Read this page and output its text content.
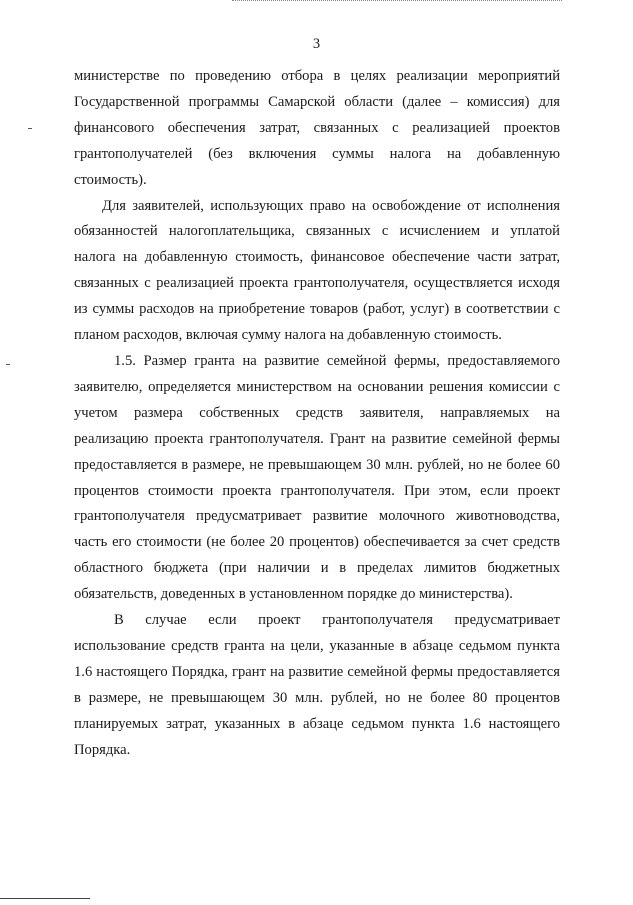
3

министерстве по проведению отбора в целях реализации мероприятий Государственной программы Самарской области (далее – комиссия) для финансового обеспечения затрат, связанных с реализацией проектов грантополучателей (без включения суммы налога на добавленную стоимость).

Для заявителей, использующих право на освобождение от исполнения обязанностей налогоплательщика, связанных с исчислением и уплатой налога на добавленную стоимость, финансовое обеспечение части затрат, связанных с реализацией проекта грантополучателя, осуществляется исходя из суммы расходов на приобретение товаров (работ, услуг) в соответствии с планом расходов, включая сумму налога на добавленную стоимость.

1.5. Размер гранта на развитие семейной фермы, предоставляемого заявителю, определяется министерством на основании решения комиссии с учетом размера собственных средств заявителя, направляемых на реализацию проекта грантополучателя. Грант на развитие семейной фермы предоставляется в размере, не превышающем 30 млн. рублей, но не более 60 процентов стоимости проекта грантополучателя. При этом, если проект грантополучателя предусматривает развитие молочного животноводства, часть его стоимости (не более 20 процентов) обеспечивается за счет средств областного бюджета (при наличии и в пределах лимитов бюджетных обязательств, доведенных в установленном порядке до министерства).

В случае если проект грантополучателя предусматривает использование средств гранта на цели, указанные в абзаце седьмом пункта 1.6 настоящего Порядка, грант на развитие семейной фермы предоставляется в размере, не превышающем 30 млн. рублей, но не более 80 процентов планируемых затрат, указанных в абзаце седьмом пункта 1.6 настоящего Порядка.
